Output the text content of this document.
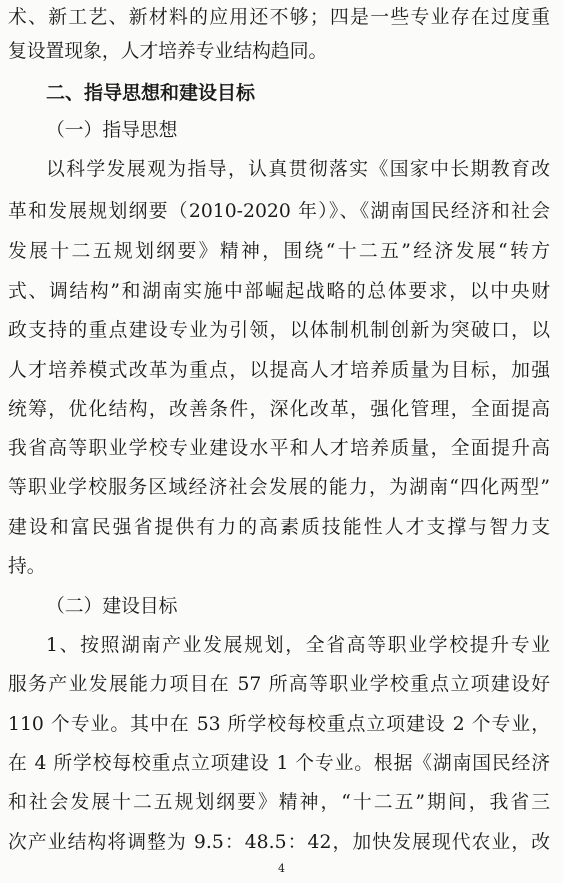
术、新工艺、新材料的应用还不够；四是一些专业存在过度重
复设置现象，人才培养专业结构趋同。
二、指导思想和建设目标
（一）指导思想
以科学发展观为指导，认真贯彻落实《国家中长期教育改
革和发展规划纲要（2010-2020 年）》、《湖南国民经济和社会
发展十二五规划纲要》精神，围绕“十二五”经济发展“转方
式、调结构”和湖南实施中部崛起战略的总体要求，以中央财
政支持的重点建设专业为引领，以体制机制创新为突破口，以
人才培养模式改革为重点，以提高人才培养质量为目标，加强
统筹，优化结构，改善条件，深化改革，强化管理，全面提高
我省高等职业学校专业建设水平和人才培养质量，全面提升高
等职业学校服务区域经济社会发展的能力，为湖南“四化两型”
建设和富民强省提供有力的高素质技能性人才支撑与智力支
持。
（二）建设目标
1、按照湖南产业发展规划，全省高等职业学校提升专业
服务产业发展能力项目在 57 所高等职业学校重点立项建设好
110 个专业。其中在 53 所学校每校重点立项建设 2 个专业，
在 4 所学校每校重点立项建设 1 个专业。根据《湖南国民经济
和社会发展十二五规划纲要》精神，“十二五”期间，我省三
次产业结构将调整为 9.5：48.5：42，加快发展现代农业，改
4
